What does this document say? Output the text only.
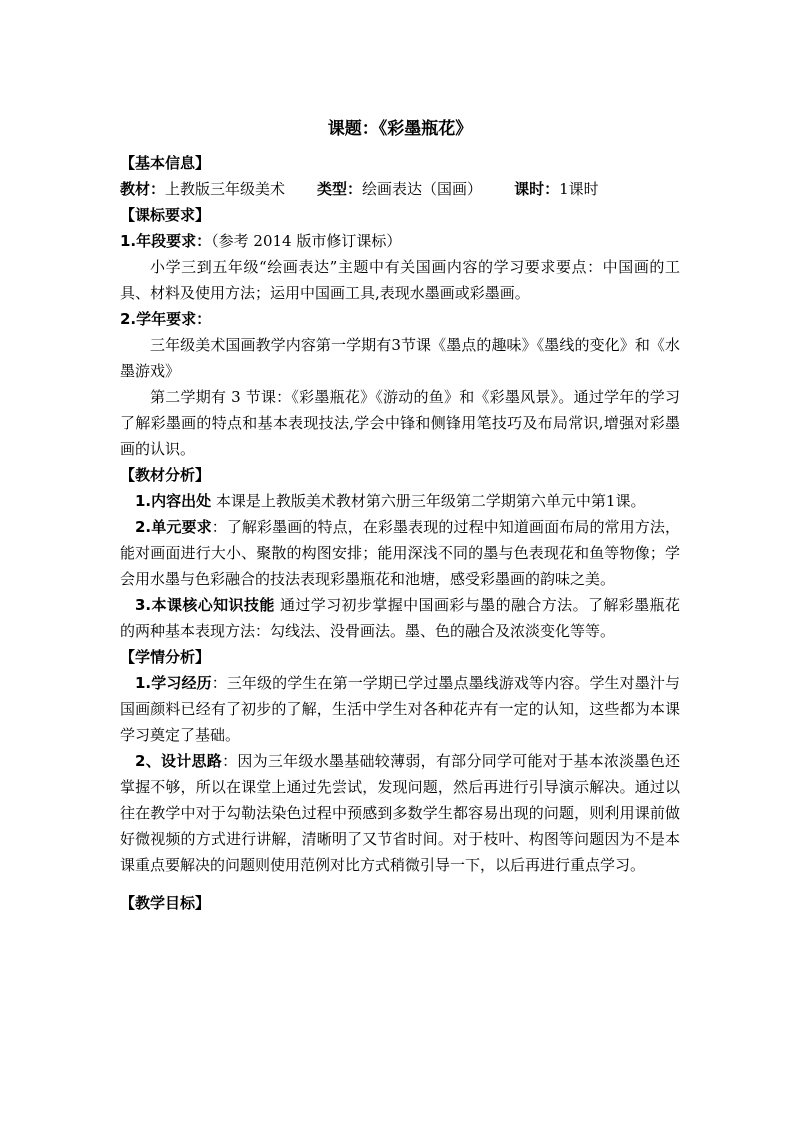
课题：《彩墨瓶花》

【基本信息】

教材：上教版三年级美术 类型：绘画表达（国画） 课时：1课时

【课标要求】

1.年段要求：（参考 2014 版市修订课标）

小学三到五年级“绘画表达”主题中有关国画内容的学习要求要点：中国画的工具、材料及使用方法；运用中国画工具,表现水墨画或彩墨画。

2.学年要求：

三年级美术国画教学内容第一学期有3节课《墨点的趣味》《墨线的变化》和《水墨游戏》

第二学期有 3 节课：《彩墨瓶花》《游动的鱼》和《彩墨风景》。通过学年的学习了解彩墨画的特点和基本表现技法,学会中锋和侧锋用笔技巧及布局常识,增强对彩墨画的认识。

【教材分析】

1.内容出处 本课是上教版美术教材第六册三年级第二学期第六单元中第1课。

2.单元要求：了解彩墨画的特点，在彩墨表现的过程中知道画面布局的常用方法，能对画面进行大小、聚散的构图安排；能用深浅不同的墨与色表现花和鱼等物像；学会用水墨与色彩融合的技法表现彩墨瓶花和池塘，感受彩墨画的韵味之美。

3.本课核心知识技能 通过学习初步掌握中国画彩与墨的融合方法。了解彩墨瓶花的两种基本表现方法：勾线法、没骨画法。墨、色的融合及浓淡变化等等。

【学情分析】

1.学习经历：三年级的学生在第一学期已学过墨点墨线游戏等内容。学生对墨汁与国画颜料已经有了初步的了解，生活中学生对各种花卉有一定的认知，这些都为本课学习奠定了基础。

2、设计思路：因为三年级水墨基础较薄弱，有部分同学可能对于基本浓淡墨色还掌握不够，所以在课堂上通过先尝试，发现问题，然后再进行引导演示解决。通过以往在教学中对于勾勒法染色过程中预感到多数学生都容易出现的问题，则利用课前做好微视频的方式进行讲解，清晰明了又节省时间。对于枝叶、构图等问题因为不是本课重点要解决的问题则使用范例对比方式稍微引导一下，以后再进行重点学习。

【教学目标】
